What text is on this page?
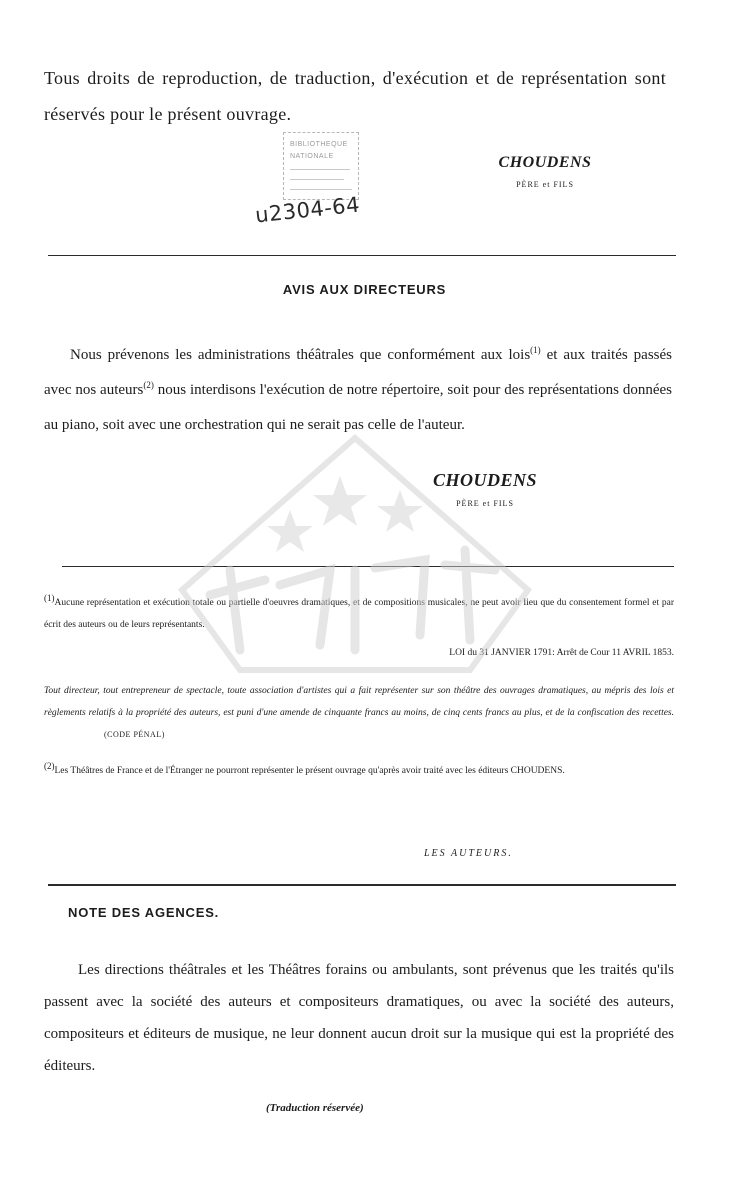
Tous droits de reproduction, de traduction, d'exécution et de représentation sont réservés pour le présent ouvrage.
BIBLIOTHEQUE
NATIONALE
u2304-64
CHOUDENS
PÈRE et FILS
AVIS AUX DIRECTEURS

Nous prévenons les administrations théâtrales que conformément aux lois$^{(1)}$ et aux traités passés avec nos auteurs$^{(2)}$ nous interdisons l'exécution de notre répertoire, soit pour des représentations données au piano, soit avec une orchestration qui ne serait pas celle de l'auteur.

CHOUDENS
PÈRE et FILS
$^{(1)}$Aucune représentation et exécution totale ou partielle d'oeuvres dramatiques, et de compositions musicales, ne peut avoir lieu que du consentement formel et par écrit des auteurs ou de leurs représentants.
LOI du 31 JANVIER 1791: Arrêt de Cour 11 AVRIL 1853.
Tout directeur, tout entrepreneur de spectacle, toute association d'artistes qui a fait représenter sur son théâtre des ouvrages dramatiques, au mépris des lois et règlements relatifs à la propriété des auteurs, est puni d'une amende de cinquante francs au moins, de cinq cents francs au plus, et de la confiscation des recettes.(CODE PÉNAL)
$^{(2)}$Les Théâtres de France et de l'Étranger ne pourront représenter le présent ouvrage qu'après avoir traité avec les éditeurs CHOUDENS.
LES AUTEURS.
NOTE DES AGENCES.

Les directions théâtrales et les Théâtres forains ou ambulants, sont prévenus que les traités qu'ils passent avec la société des auteurs et compositeurs dramatiques, ou avec la société des auteurs, compositeurs et éditeurs de musique, ne leur donnent aucun droit sur la musique qui est la propriété des éditeurs.

(Traduction réservée)
